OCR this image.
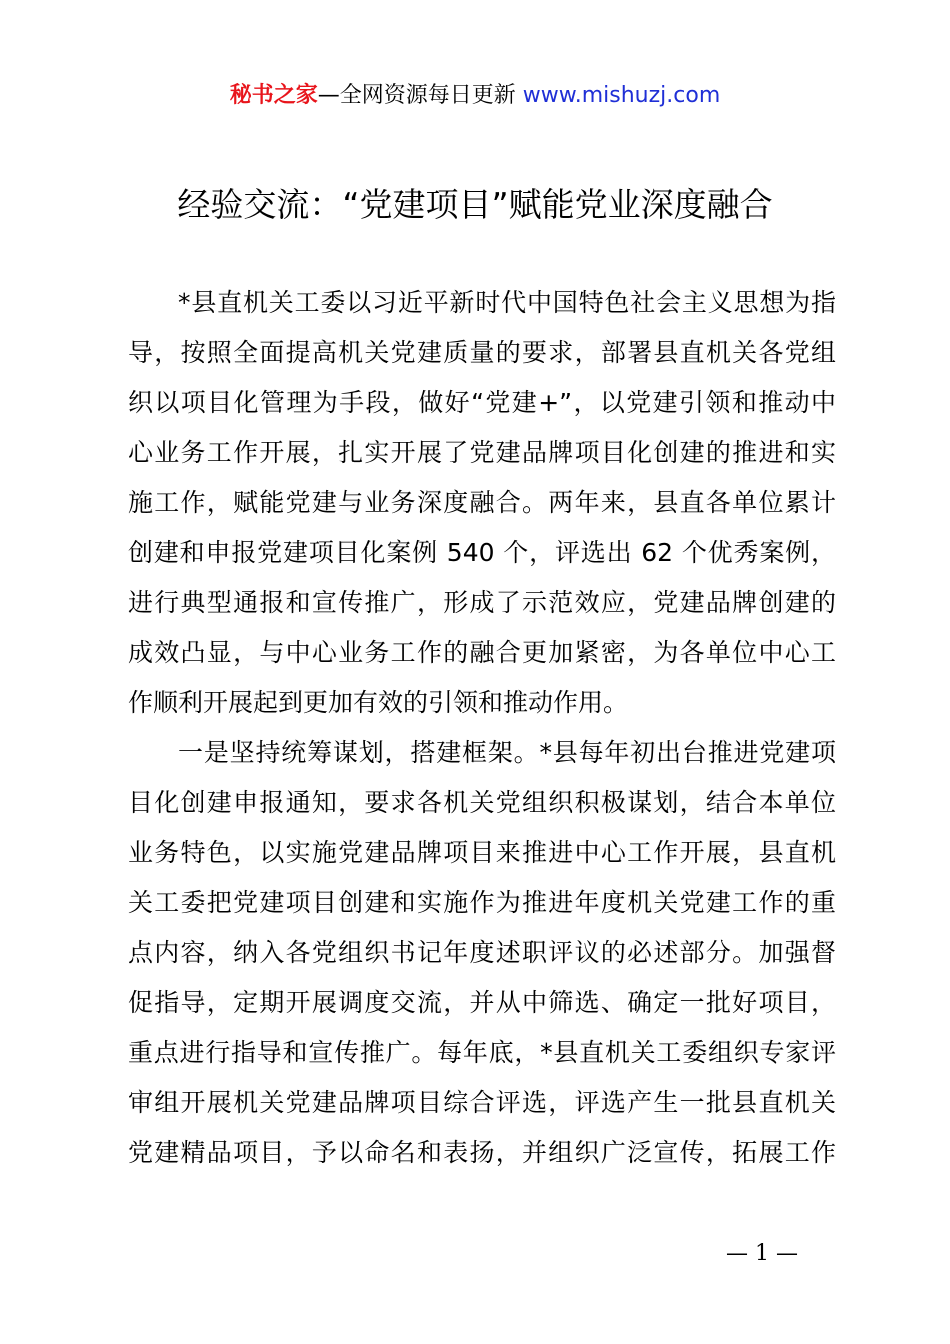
秘书之家—全网资源每日更新 www.mishuzj.com
经验交流：“党建项目”赋能党业深度融合
*县直机关工委以习近平新时代中国特色社会主义思想为指
导，按照全面提高机关党建质量的要求，部署县直机关各党组
织以项目化管理为手段，做好“党建+”，以党建引领和推动中
心业务工作开展，扎实开展了党建品牌项目化创建的推进和实
施工作，赋能党建与业务深度融合。两年来，县直各单位累计
创建和申报党建项目化案例 540 个，评选出 62 个优秀案例，
进行典型通报和宣传推广，形成了示范效应，党建品牌创建的
成效凸显，与中心业务工作的融合更加紧密，为各单位中心工
作顺利开展起到更加有效的引领和推动作用。
一是坚持统筹谋划，搭建框架。*县每年初出台推进党建项
目化创建申报通知，要求各机关党组织积极谋划，结合本单位
业务特色，以实施党建品牌项目来推进中心工作开展，县直机
关工委把党建项目创建和实施作为推进年度机关党建工作的重
点内容，纳入各党组织书记年度述职评议的必述部分。加强督
促指导，定期开展调度交流，并从中筛选、确定一批好项目，
重点进行指导和宣传推广。每年底，*县直机关工委组织专家评
审组开展机关党建品牌项目综合评选，评选产生一批县直机关
党建精品项目，予以命名和表扬，并组织广泛宣传，拓展工作
— 1 —
